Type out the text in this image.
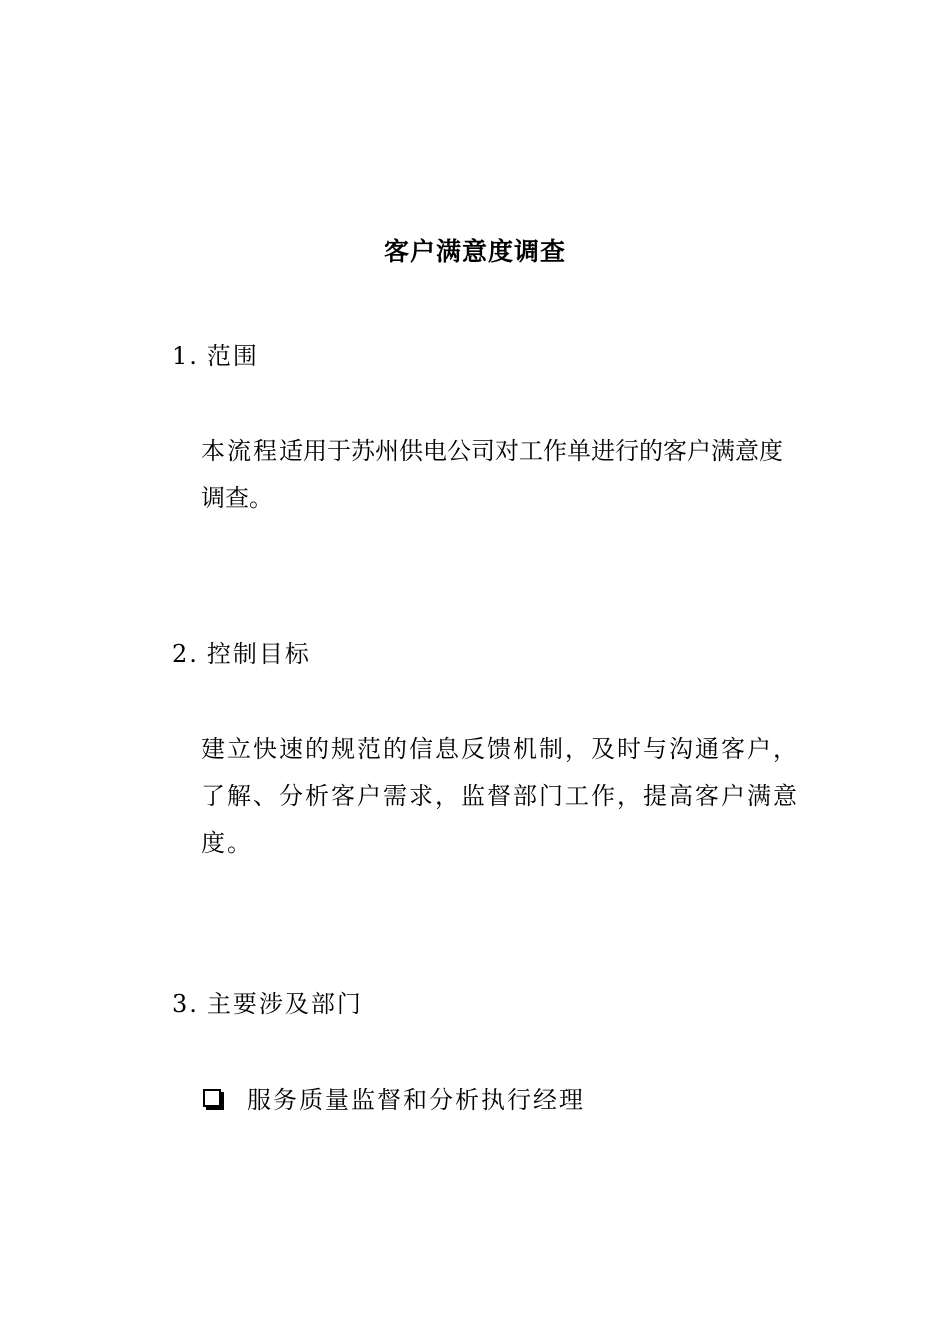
客户满意度调查
1. 范围
本流程适用于苏州供电公司对工作单进行的客户满意度调查。
2. 控制目标
建立快速的规范的信息反馈机制，及时与沟通客户，了解、分析客户需求，监督部门工作，提高客户满意度。
3. 主要涉及部门
服务质量监督和分析执行经理
